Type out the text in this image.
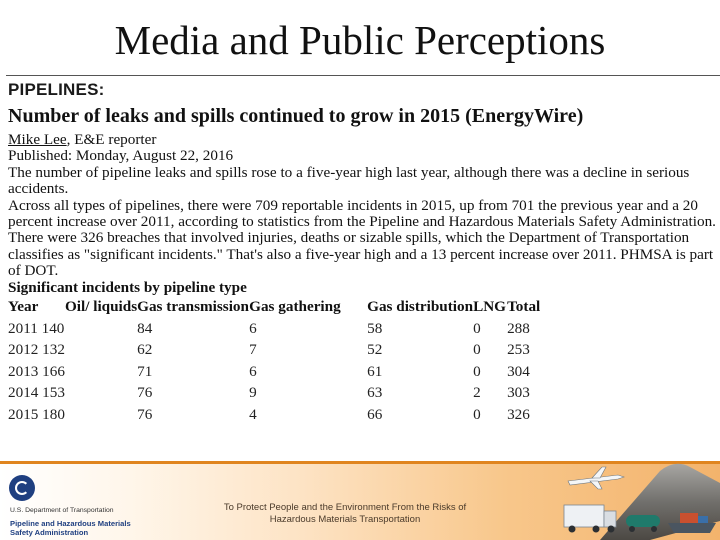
Media and Public Perceptions
PIPELINES:
Number of leaks and spills continued to grow in 2015 (EnergyWire)

Mike Lee, E&E reporter

Published: Monday, August 22, 2016

The number of pipeline leaks and spills rose to a five-year high last year, although there was a decline in serious accidents.

Across all types of pipelines, there were 709 reportable incidents in 2015, up from 701 the previous year and a 20 percent increase over 2011, according to statistics from the Pipeline and Hazardous Materials Safety Administration.

There were 326 breaches that involved injuries, deaths or sizable spills, which the Department of Transportation classifies as "significant incidents." That's also a five-year high and a 13 percent increase over 2011. PHMSA is part of DOT.

Significant incidents by pipeline type

Year	Oil/ liquids	Gas transmission	Gas gathering	Gas distribution	LNG	Total
2011 140		84	6	58	0	288
2012 132		62	7	52	0	253
2013 166		71	6	61	0	304
2014 153		76	9	63	2	303
2015 180		76	4	66	0	326
U.S. Department of Transportation
Pipeline and Hazardous Materials
Safety Administration
To Protect People and the Environment From the Risks of
Hazardous Materials Transportation
